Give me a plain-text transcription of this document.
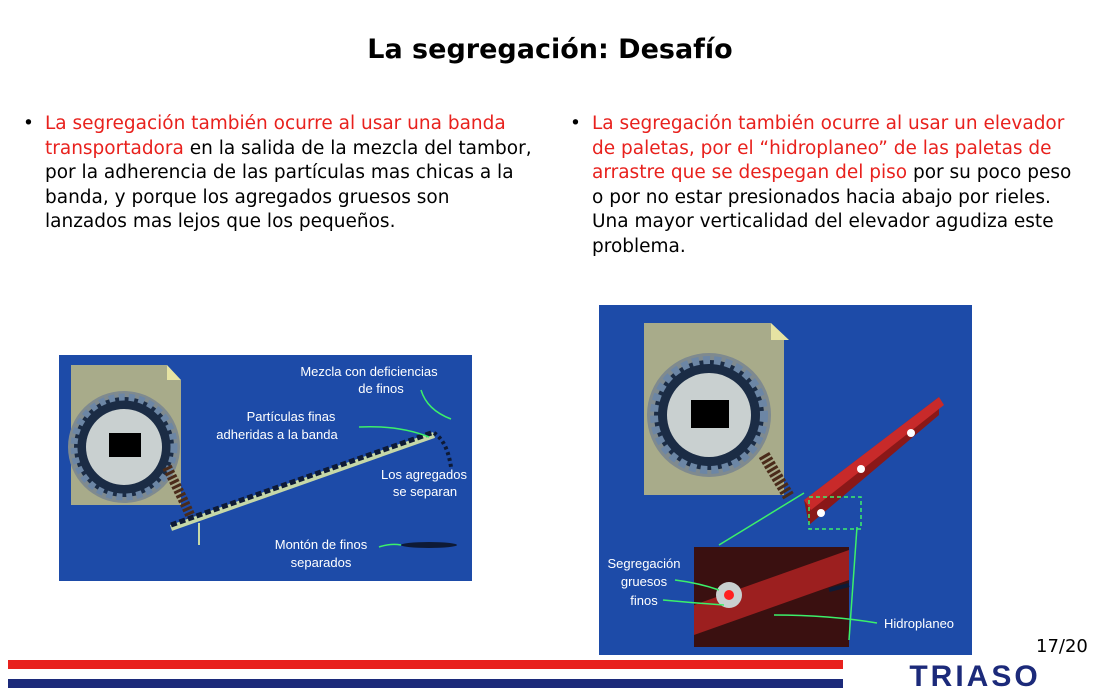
La segregación: Desafío
• La segregación también ocurre al usar una banda transportadora en la salida de la mezcla del tambor, por la adherencia de las partículas mas chicas a la banda, y porque los agregados gruesos son lanzados mas lejos que los pequeños.
• La segregación también ocurre al usar un elevador de paletas, por el “hidroplaneo” de las paletas de arrastre que se despegan del piso por su poco peso o por no estar presionados hacia abajo por rieles. Una mayor verticalidad del elevador agudiza este problema.
Mezcla con deficiencias
de finos
Partículas finas
adheridas a la banda
Los agregados
se separan
Montón de finos
separados	Segregación
gruesos
finos
Hidroplaneo
17/20
TRIASO
